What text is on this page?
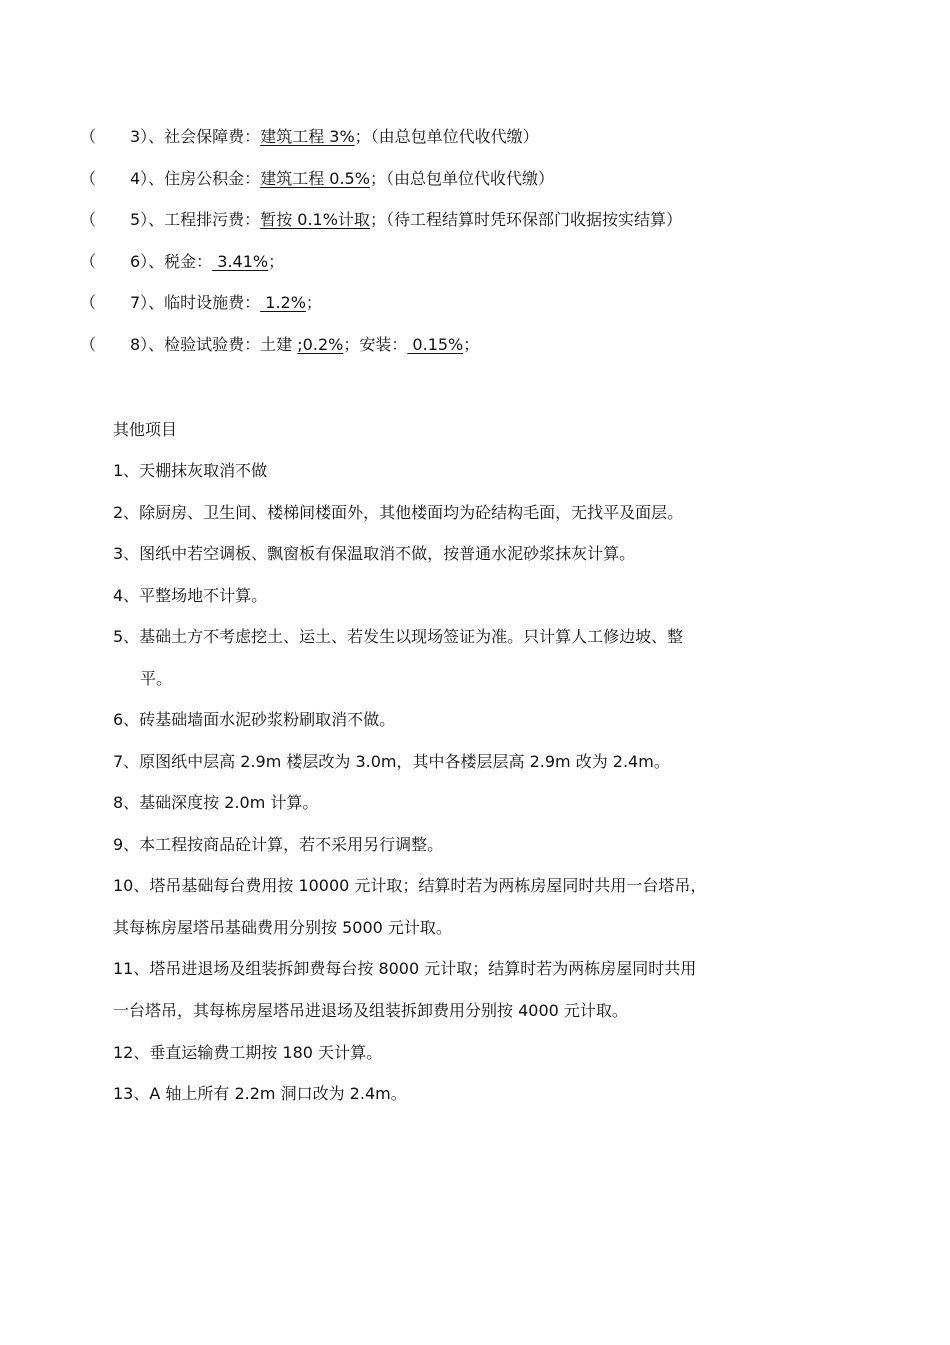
（ 3）、社会保障费：建筑工程 3%；（由总包单位代收代缴）
（ 4）、住房公积金：建筑工程 0.5%；（由总包单位代收代缴）
（ 5）、工程排污费：暂按 0.1%计取；（待工程结算时凭环保部门收据按实结算）
（ 6）、税金： 3.41%；
（ 7）、临时设施费： 1.2%；
（ 8）、检验试验费：土建 ;0.2%；安装： 0.15%；
其他项目
1、天棚抹灰取消不做
2、除厨房、卫生间、楼梯间楼面外，其他楼面均为砼结构毛面，无找平及面层。
3、图纸中若空调板、飘窗板有保温取消不做，按普通水泥砂浆抹灰计算。
4、平整场地不计算。
5、基础土方不考虑挖土、运土、若发生以现场签证为准。只计算人工修边坡、整
平。
6、砖基础墙面水泥砂浆粉刷取消不做。
7、原图纸中层高 2.9m 楼层改为 3.0m，其中各楼层层高 2.9m 改为 2.4m。
8、基础深度按 2.0m 计算。
9、本工程按商品砼计算，若不采用另行调整。
10、塔吊基础每台费用按 10000 元计取；结算时若为两栋房屋同时共用一台塔吊，
其每栋房屋塔吊基础费用分别按 5000 元计取。
11、塔吊进退场及组装拆卸费每台按 8000 元计取；结算时若为两栋房屋同时共用
一台塔吊，其每栋房屋塔吊进退场及组装拆卸费用分别按 4000 元计取。
12、垂直运输费工期按 180 天计算。
13、A 轴上所有 2.2m 洞口改为 2.4m。
